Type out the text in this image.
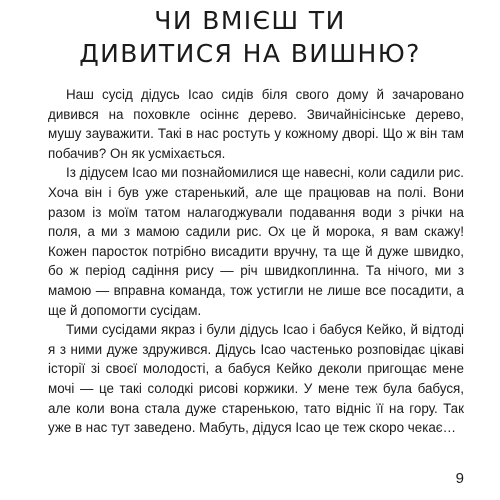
ЧИ ВМІЄШ ТИ
ДИВИТИСЯ НА ВИШНЮ?

Наш сусід дідусь Ісао сидів біля свого дому й зачаровано дивився на поховкле осіннє дерево. Звичайнісінське дерево, мушу зауважити. Такі в нас ростуть у кожному дворі. Що ж він там побачив? Он як усміхається.

Із дідусем Ісао ми познайомилися ще навесні, коли садили рис. Хоча він і був уже старенький, але ще працював на полі. Вони разом із моїм татом налагоджували подавання води з річки на поля, а ми з мамою садили рис. Ох це й морока, я вам скажу! Кожен паросток потрібно висадити вручну, та ще й дуже швидко, бо ж період садіння рису — річ швидкоплинна. Та нічого, ми з мамою — вправна команда, тож устигли не лише все посадити, а ще й допомогти сусідам.

Тими сусідами якраз і були дідусь Ісао і бабуся Кейко, й відтоді я з ними дуже здружився. Дідусь Ісао частенько розповідає цікаві історії зі своєї молодості, а бабуся Кейко деколи пригощає мене мочі — це такі солодкі рисові коржики. У мене теж була бабуся, але коли вона стала дуже старенькою, тато відніс її на гору. Так уже в нас тут заведено. Мабуть, дідуся Ісао це теж скоро чекає…

9
